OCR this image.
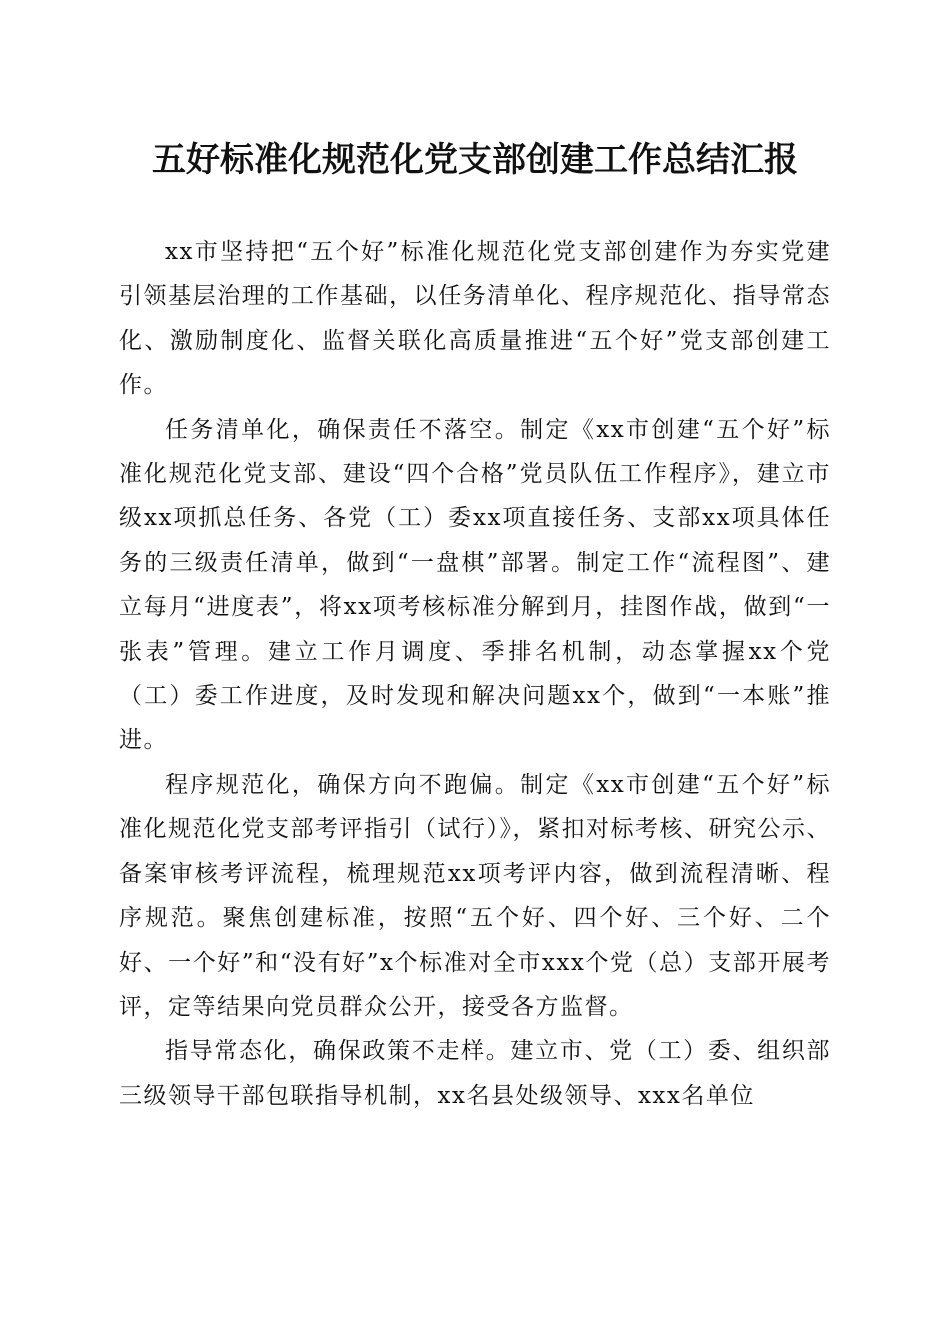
五好标准化规范化党支部创建工作总结汇报

xx市坚持把“五个好”标准化规范化党支部创建作为夯实党建引领基层治理的工作基础，以任务清单化、程序规范化、指导常态化、激励制度化、监督关联化高质量推进“五个好”党支部创建工作。

任务清单化，确保责任不落空。制定《xx市创建“五个好”标准化规范化党支部、建设“四个合格”党员队伍工作程序》，建立市级xx项抓总任务、各党（工）委xx项直接任务、支部xx项具体任务的三级责任清单，做到“一盘棋”部署。制定工作“流程图”、建立每月“进度表”，将xx项考核标准分解到月，挂图作战，做到“一张表”管理。建立工作月调度、季排名机制，动态掌握xx个党（工）委工作进度，及时发现和解决问题xx个，做到“一本账”推进。

程序规范化，确保方向不跑偏。制定《xx市创建“五个好”标准化规范化党支部考评指引（试行）》，紧扣对标考核、研究公示、备案审核考评流程，梳理规范xx项考评内容，做到流程清晰、程序规范。聚焦创建标准，按照“五个好、四个好、三个好、二个好、一个好”和“没有好”x个标准对全市xxx个党（总）支部开展考评，定等结果向党员群众公开，接受各方监督。

指导常态化，确保政策不走样。建立市、党（工）委、组织部三级领导干部包联指导机制，xx名县处级领导、xxx名单位
